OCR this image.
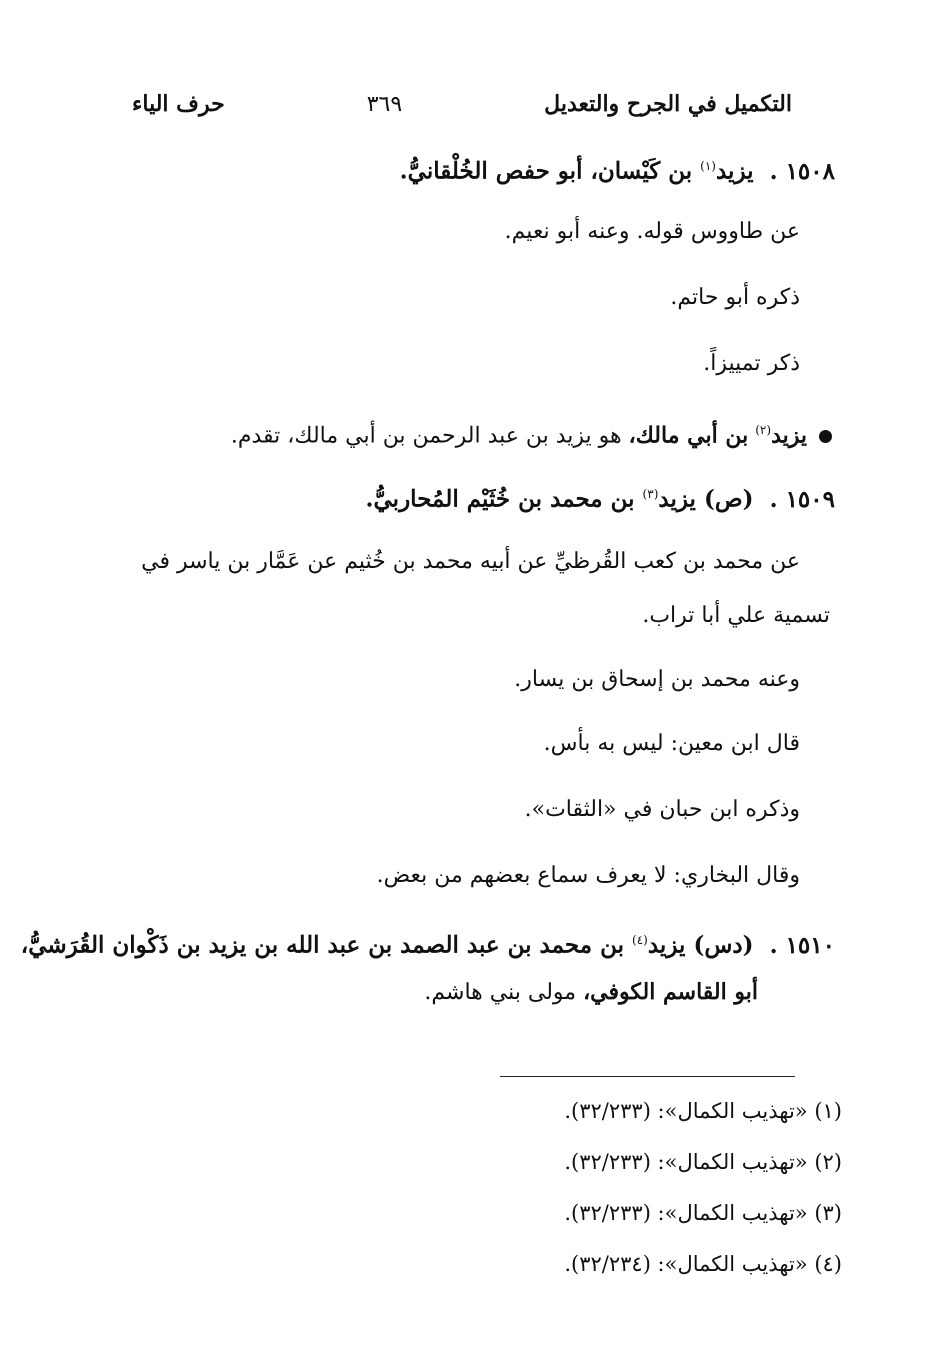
التكميل في الجرح والتعديل
٣٦٩
حرف الياء
١٥٠٨ . يزيد$^{(١)}$ بن كَيْسان، أبو حفص الخُلْقانيُّ.
عن طاووس قوله. وعنه أبو نعيم.
ذكره أبو حاتم.
ذكر تمييزاً.
يزيد$^{(٢)}$ بن أبي مالك، هو يزيد بن عبد الرحمن بن أبي مالك، تقدم.
١٥٠٩ . (ص) يزيد$^{(٣)}$ بن محمد بن خُثَيْم المُحاربيُّ.
عن محمد بن كعب القُرظيِّ عن أبيه محمد بن خُثيم عن عَمَّار بن ياسر في
تسمية علي أبا تراب.
وعنه محمد بن إسحاق بن يسار.
قال ابن معين: ليس به بأس.
وذكره ابن حبان في «الثقات».
وقال البخاري: لا يعرف سماع بعضهم من بعض.
١٥١٠ . (دس) يزيد$^{(٤)}$ بن محمد بن عبد الصمد بن عبد الله بن يزيد بن ذَكْوان القُرَشيُّ،
أبو القاسم الكوفي، مولى بني هاشم.
(١) «تهذيب الكمال»: (٣٢/٢٣٣).
(٢) «تهذيب الكمال»: (٣٢/٢٣٣).
(٣) «تهذيب الكمال»: (٣٢/٢٣٣).
(٤) «تهذيب الكمال»: (٣٢/٢٣٤).
